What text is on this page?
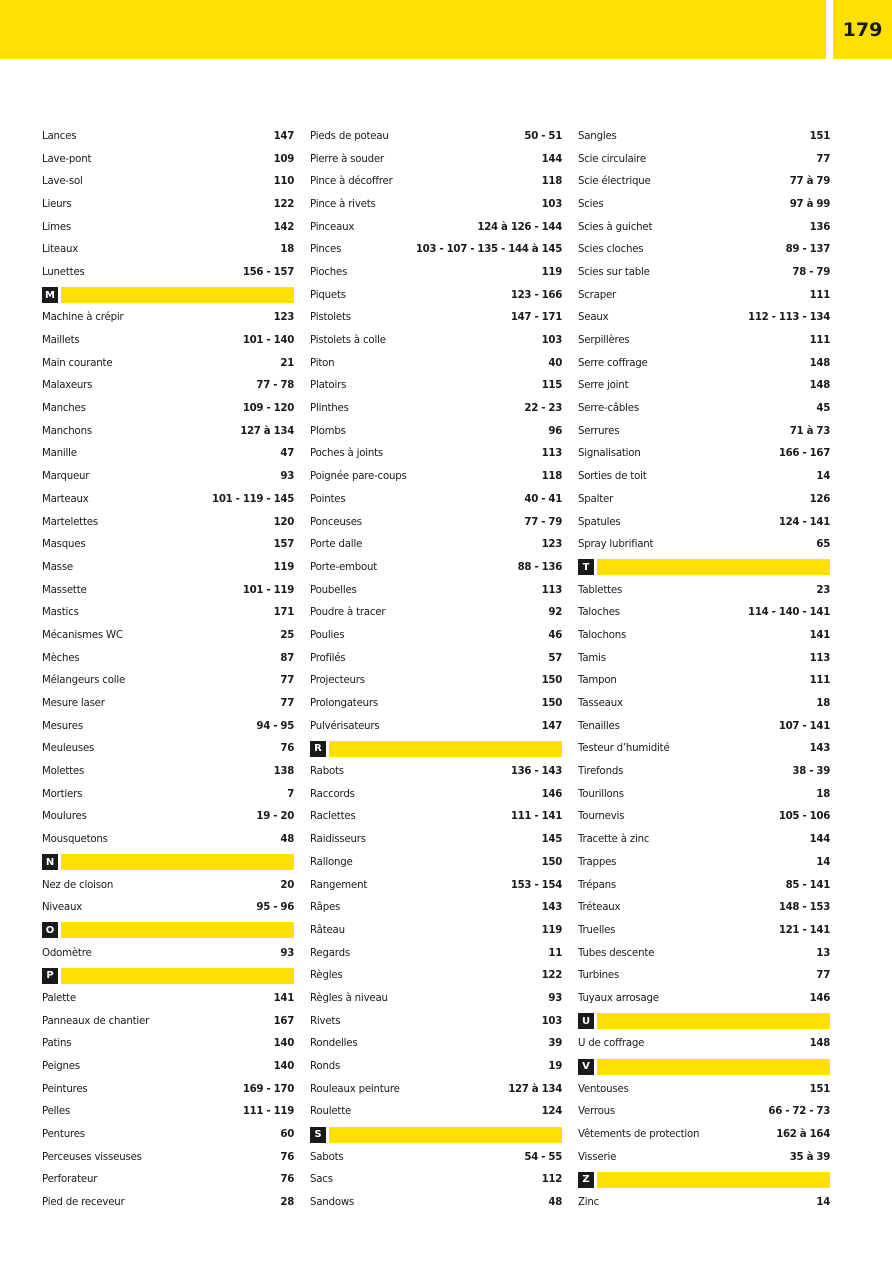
179
Lances	147
Lave-pont	109
Lave-sol	110
Lieurs	122
Limes	142
Liteaux	18
Lunettes	156 - 157
M
Machine à crépir	123
Maillets	101 - 140
Main courante	21
Malaxeurs	77 - 78
Manches	109 - 120
Manchons	127 à 134
Manille	47
Marqueur	93
Marteaux	101 - 119 - 145
Martelettes	120
Masques	157
Masse	119
Massette	101 - 119
Mastics	171
Mécanismes WC	25
Mèches	87
Mélangeurs colle	77
Mesure laser	77
Mesures	94 - 95
Meuleuses	76
Molettes	138
Mortiers	7
Moulures	19 - 20
Mousquetons	48
N
Nez de cloison	20
Niveaux	95 - 96
O
Odomètre	93
P
Palette	141
Panneaux de chantier	167
Patins	140
Peignes	140
Peintures	169 - 170
Pelles	111 - 119
Pentures	60
Perceuses visseuses	76
Perforateur	76
Pied de receveur	28
Pieds de poteau	50 - 51
Pierre à souder	144
Pince à décoffrer	118
Pince à rivets	103
Pinceaux	124 à 126 - 144
Pinces	103 - 107 - 135 - 144 à 145
Pioches	119
Piquets	123 - 166
Pistolets	147 - 171
Pistolets à colle	103
Piton	40
Platoirs	115
Plinthes	22 - 23
Plombs	96
Poches à joints	113
Poignée pare-coups	118
Pointes	40 - 41
Ponceuses	77 - 79
Porte dalle	123
Porte-embout	88 - 136
Poubelles	113
Poudre à tracer	92
Poulies	46
Profilés	57
Projecteurs	150
Prolongateurs	150
Pulvérisateurs	147
R
Rabots	136 - 143
Raccords	146
Raclettes	111 - 141
Raidisseurs	145
Rallonge	150
Rangement	153 - 154
Râpes	143
Râteau	119
Regards	11
Règles	122
Règles à niveau	93
Rivets	103
Rondelles	39
Ronds	19
Rouleaux peinture	127 à 134
Roulette	124
S
Sabots	54 - 55
Sacs	112
Sandows	48
Sangles	151
Scie circulaire	77
Scie électrique	77 à 79
Scies	97 à 99
Scies à guichet	136
Scies cloches	89 - 137
Scies sur table	78 - 79
Scraper	111
Seaux	112 - 113 - 134
Serpillères	111
Serre coffrage	148
Serre joint	148
Serre-câbles	45
Serrures	71 à 73
Signalisation	166 - 167
Sorties de toit	14
Spalter	126
Spatules	124 - 141
Spray lubrifiant	65
T
Tablettes	23
Taloches	114 - 140 - 141
Talochons	141
Tamis	113
Tampon	111
Tasseaux	18
Tenailles	107 - 141
Testeur d’humidité	143
Tirefonds	38 - 39
Tourillons	18
Tournevis	105 - 106
Tracette à zinc	144
Trappes	14
Trépans	85 - 141
Tréteaux	148 - 153
Truelles	121 - 141
Tubes descente	13
Turbines	77
Tuyaux arrosage	146
U
U de coffrage	148
V
Ventouses	151
Verrous	66 - 72 - 73
Vêtements de protection	162 à 164
Visserie	35 à 39
Z
Zinc	14
